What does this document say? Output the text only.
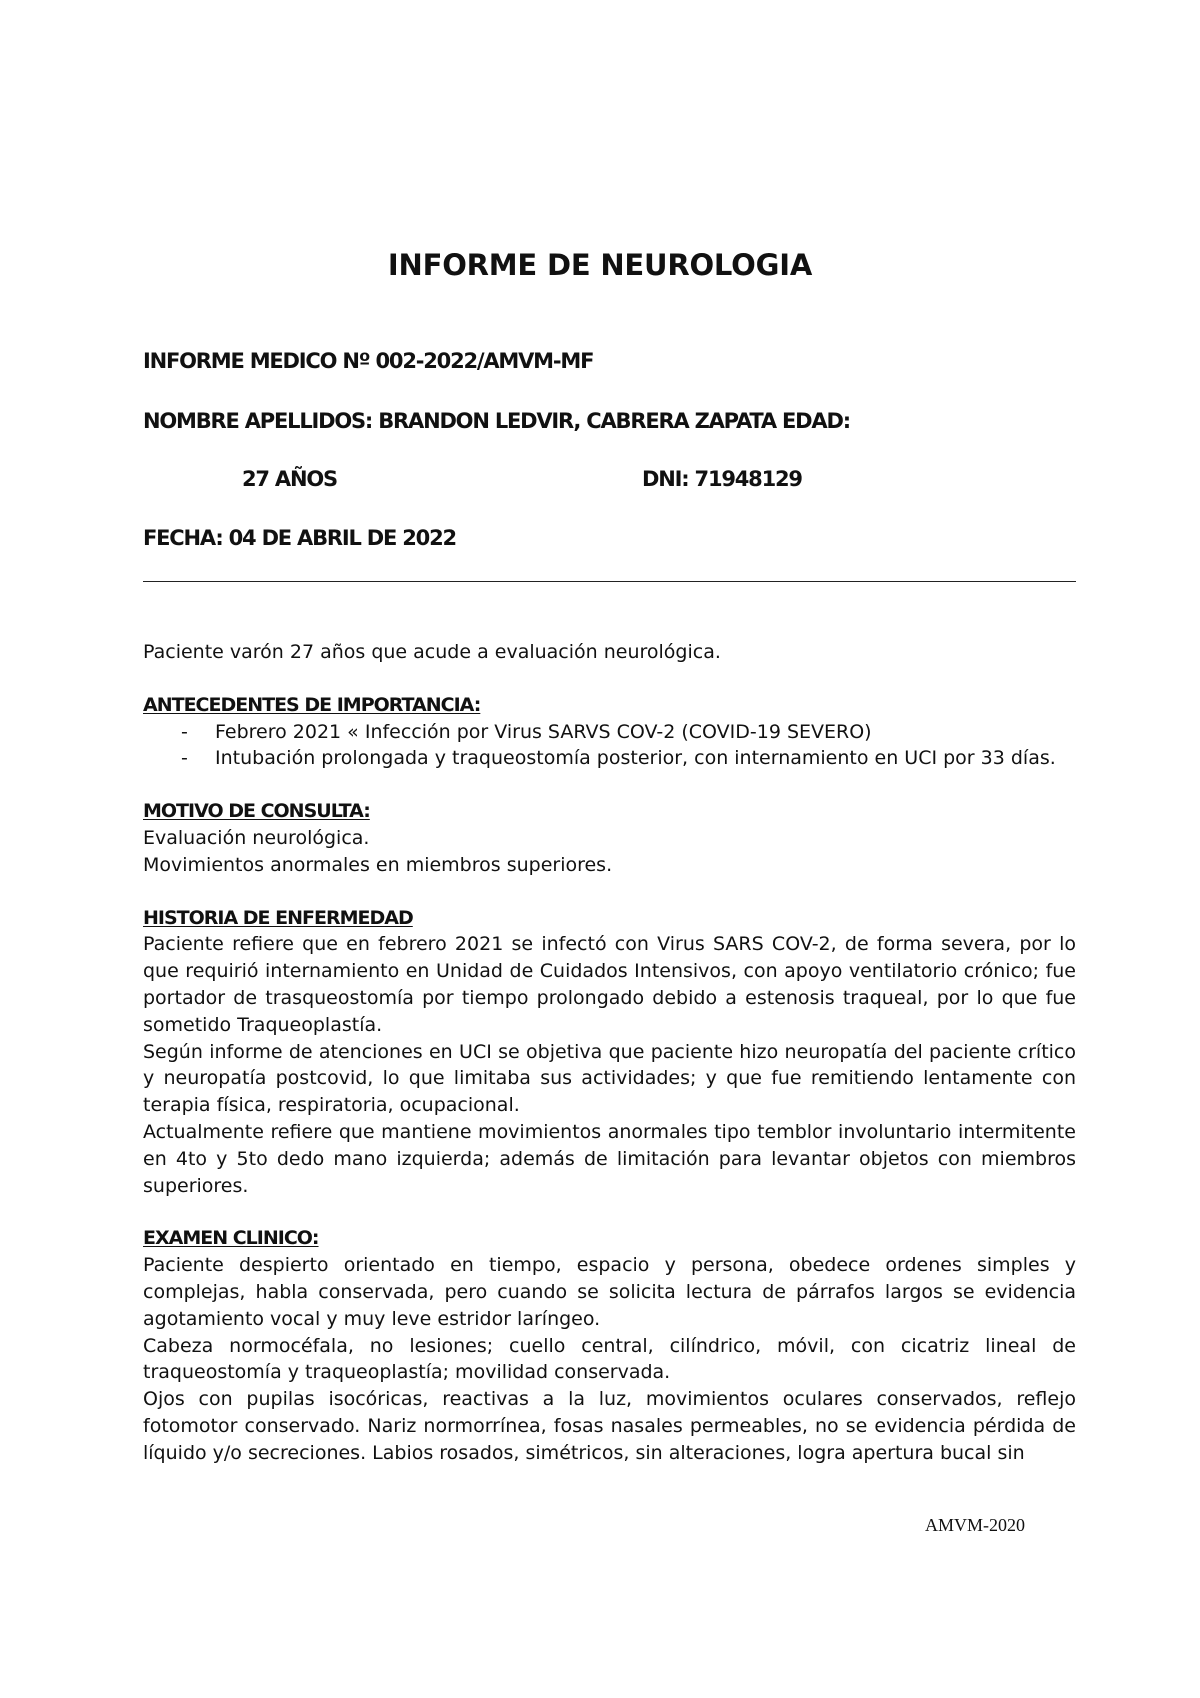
INFORME DE NEUROLOGIA
INFORME MEDICO Nº 002-2022/AMVM-MF
NOMBRE APELLIDOS: BRANDON LEDVIR, CABRERA ZAPATA EDAD:
27 AÑOS	DNI: 71948129
FECHA: 04 DE ABRIL DE 2022

Paciente varón 27 años que acude a evaluación neurológica.

ANTECEDENTES DE IMPORTANCIA:

- Febrero 2021 « Infección por Virus SARVS COV-2 (COVID-19 SEVERO)
- Intubación prolongada y traqueostomía posterior, con internamiento en UCI por 33 días.

MOTIVO DE CONSULTA:

Evaluación neurológica.

Movimientos anormales en miembros superiores.

HISTORIA DE ENFERMEDAD

Paciente refiere que en febrero 2021 se infectó con Virus SARS COV-2, de forma severa, por lo que requirió internamiento en Unidad de Cuidados Intensivos, con apoyo ventilatorio crónico; fue portador de trasqueostomía por tiempo prolongado debido a estenosis traqueal, por lo que fue sometido Traqueoplastía.

Según informe de atenciones en UCI se objetiva que paciente hizo neuropatía del paciente crítico y neuropatía postcovid, lo que limitaba sus actividades; y que fue remitiendo lentamente con terapia física, respiratoria, ocupacional.

Actualmente refiere que mantiene movimientos anormales tipo temblor involuntario intermitente en 4to y 5to dedo mano izquierda; además de limitación para levantar objetos con miembros superiores.

EXAMEN CLINICO:

Paciente despierto orientado en tiempo, espacio y persona, obedece ordenes simples y complejas, habla conservada, pero cuando se solicita lectura de párrafos largos se evidencia agotamiento vocal y muy leve estridor laríngeo.

Cabeza normocéfala, no lesiones; cuello central, cilíndrico, móvil, con cicatriz lineal de traqueostomía y traqueoplastía; movilidad conservada.

Ojos con pupilas isocóricas, reactivas a la luz, movimientos oculares conservados, reflejo fotomotor conservado. Nariz normorrínea, fosas nasales permeables, no se evidencia pérdida de líquido y/o secreciones. Labios rosados, simétricos, sin alteraciones, logra apertura bucal sin

AMVM-2020
